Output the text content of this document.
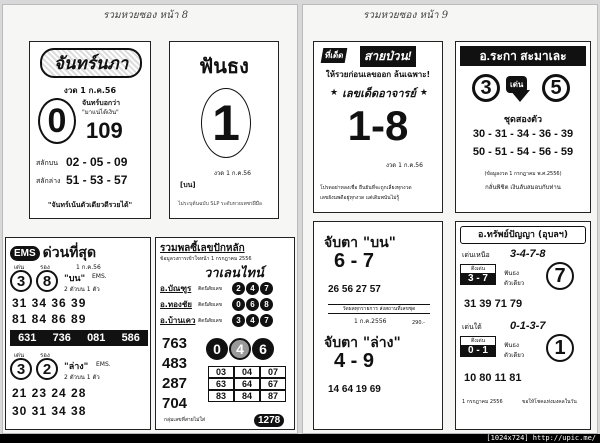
รวมหวยซอง หน้า 8
จันทร์นภา
งวด 1 ก.ค.56
0 จันทร์บอกว่า
"มาแน่ได้เงิน"
109
สลักบน 02 - 05 - 09
สลักล่าง 51 - 53 - 57
"จันทร์เน้นตัวเดียวดีรวยได้"
ฟันธง
1
งวด 1 ก.ค.56
[บน]
ไม่ระบุต้นฉบับ SLP ระดับหวยเพชรฝีมือ
EMS ด่วนที่สุด
เด่น	รอง	1 ก.ค.56
3 8 "บน" EMS.
2 ตัวบน 1 ตัว
31 34 36 39
81 84 86 89
631 736 081 586
เด่น	รอง
3 2 "ล่าง" EMS.
2 ตัวบน 1 ตัว
21 23 24 28
30 31 34 38
รวมพลซี้เลขปักหลัก
ข้อมูลวงการเข้าใจหน้า 1 กรกฎาคม 2556
วาเลนไทน์
อ.บัณฑูร	ติดนิสัยเลข	2	4	7
อ.ทองชัย	ติดนิสัยเลข	0	6	8
อ.บ้านเคว ติดนิสัยเลข	3	4	7
763
483
287
704
0	4	6
03	04	07
63	64	67
83	84	87
กลุ่มเลขที่สายไม่ใส่	1278
รวมหวยซอง หน้า 9
ที่เด็ด	สายป่วน!
ให้รวยก่อนเลขออก ล้นเฉพาะ!
★ เลขเด็ดอาจารย์ ★
1-8
งวด 1 ก.ค.56
โปรดอย่าหลงเชื่อ ยืนยันที่จะถูกเลี่ยงทุกงวด
เลขยังนพดีอยู่ทุกงวด แต่เดิมพนันไม่รู้
อ.ระกา สะมาเละ
3	เด่น 5
ชุดสองตัว
30 - 31 - 34 - 36 - 39
50 - 51 - 54 - 56 - 59
(ข้อมูลงวด 1 กรกฎาคม พ.ศ.2556)
กลั่นพิชิต เงินลับสมอบกับท่าน
จับตา "บน"
6 - 7
26 56 27 57
วัดผลทุกรายการ ส่งสถานที่เลขชุด
1 ก.ค.2556	290.-
จับตา "ล่าง"
4 - 9
14 64 19 69
อ.ทรัพย์ปัญญา (อุบลฯ)
เด่นเหนือ 3-4-7-8
ตึงเด่น
3 - 7	ฟันธง
ตัวเดียว 7
31 39 71 79
เด่นใต้	0-1-3-7
ตึงเด่น
0 - 1	ฟันธง
ตัวเดียว 1
10 80 11 81
1 กรกฎาคม 2556	ขอให้โชคแห่งมงคลในวัน
[1024x724] http://upic.me/
